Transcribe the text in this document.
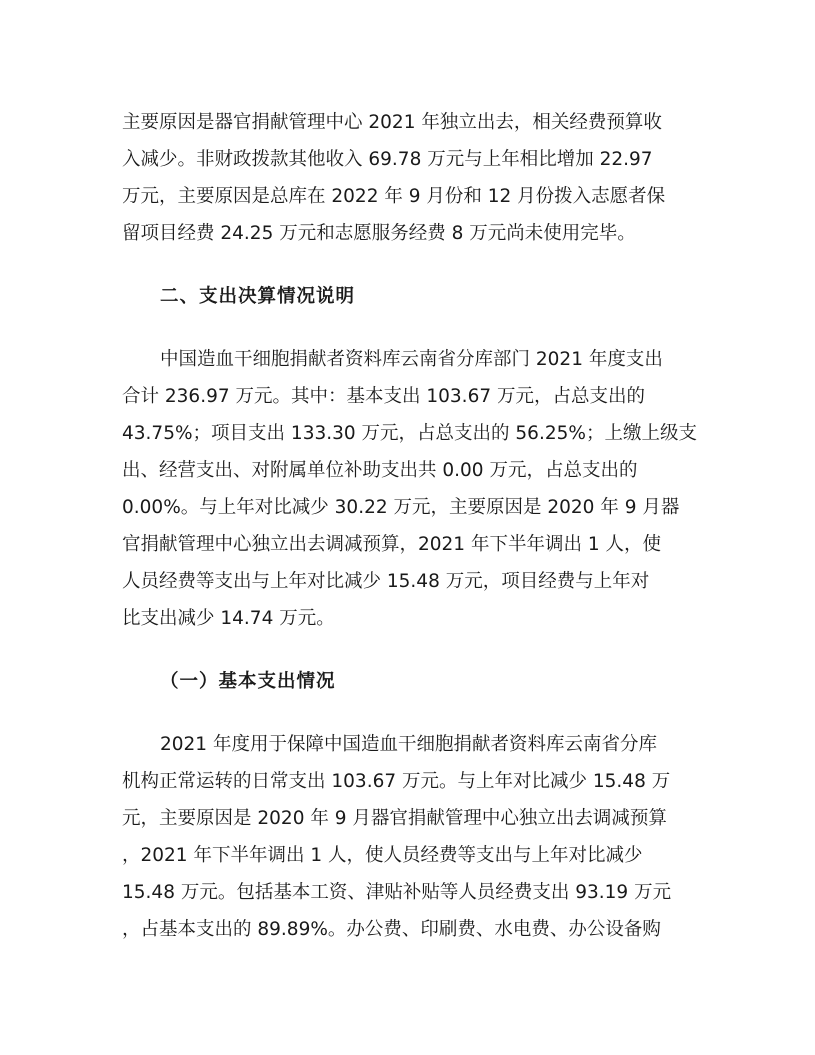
主要原因是器官捐献管理中心 2021 年独立出去，相关经费预算收
入减少。非财政拨款其他收入 69.78 万元与上年相比增加 22.97
万元，主要原因是总库在 2022 年 9 月份和 12 月份拨入志愿者保
留项目经费 24.25 万元和志愿服务经费 8 万元尚未使用完毕。

二、支出决算情况说明

中国造血干细胞捐献者资料库云南省分库部门 2021 年度支出
合计 236.97 万元。其中：基本支出 103.67 万元，占总支出的
43.75%；项目支出 133.30 万元，占总支出的 56.25%；上缴上级支
出、经营支出、对附属单位补助支出共 0.00 万元，占总支出的
0.00%。与上年对比减少 30.22 万元，主要原因是 2020 年 9 月器
官捐献管理中心独立出去调减预算，2021 年下半年调出 1 人，使
人员经费等支出与上年对比减少 15.48 万元，项目经费与上年对
比支出减少 14.74 万元。

（一）基本支出情况

2021 年度用于保障中国造血干细胞捐献者资料库云南省分库
机构正常运转的日常支出 103.67 万元。与上年对比减少 15.48 万
元，主要原因是 2020 年 9 月器官捐献管理中心独立出去调减预算
，2021 年下半年调出 1 人，使人员经费等支出与上年对比减少
15.48 万元。包括基本工资、津贴补贴等人员经费支出 93.19 万元
，占基本支出的 89.89%。办公费、印刷费、水电费、办公设备购
